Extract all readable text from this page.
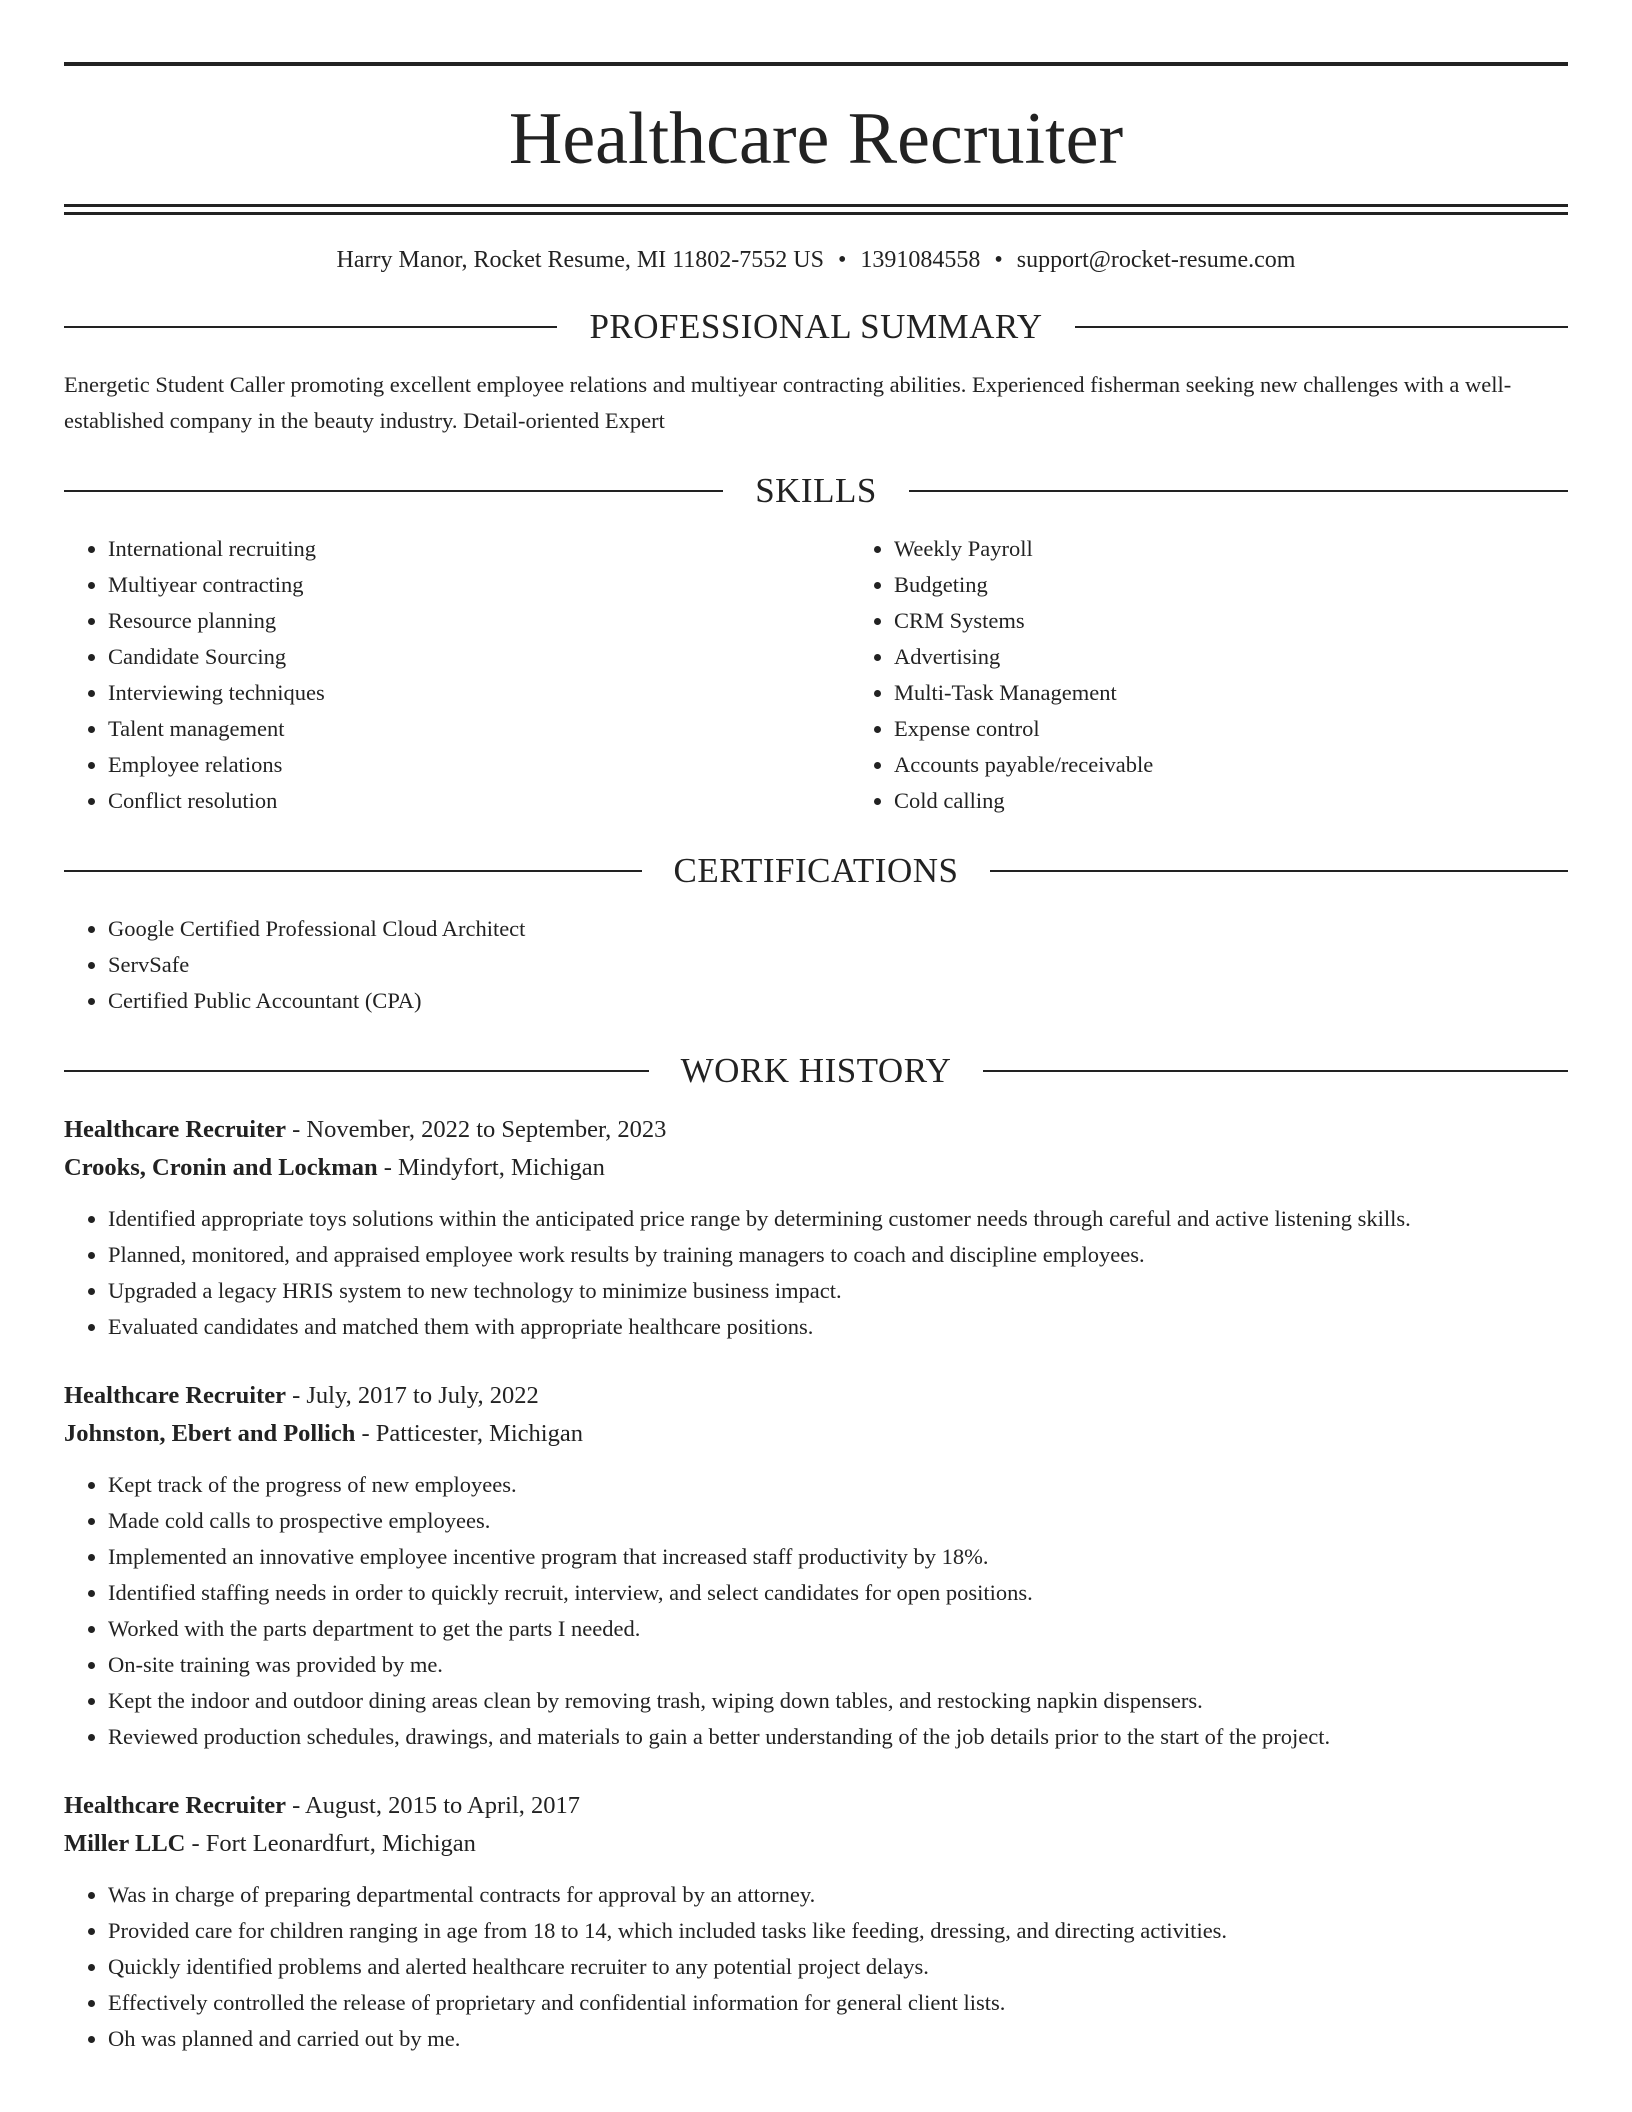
Healthcare Recruiter
Harry Manor, Rocket Resume, MI 11802-7552 US • 1391084558 • support@rocket-resume.com
PROFESSIONAL SUMMARY
Energetic Student Caller promoting excellent employee relations and multiyear contracting abilities. Experienced fisherman seeking new challenges with a well-established company in the beauty industry. Detail-oriented Expert
SKILLS
• International recruiting
• Multiyear contracting
• Resource planning
• Candidate Sourcing
• Interviewing techniques
• Talent management
• Employee relations
• Conflict resolution
• Weekly Payroll
• Budgeting
• CRM Systems
• Advertising
• Multi-Task Management
• Expense control
• Accounts payable/receivable
• Cold calling
CERTIFICATIONS
• Google Certified Professional Cloud Architect
• ServSafe
• Certified Public Accountant (CPA)
WORK HISTORY
Healthcare Recruiter - November, 2022 to September, 2023
Crooks, Cronin and Lockman - Mindyfort, Michigan
• Identified appropriate toys solutions within the anticipated price range by determining customer needs through careful and active listening skills.
• Planned, monitored, and appraised employee work results by training managers to coach and discipline employees.
• Upgraded a legacy HRIS system to new technology to minimize business impact.
• Evaluated candidates and matched them with appropriate healthcare positions.
Healthcare Recruiter - July, 2017 to July, 2022
Johnston, Ebert and Pollich - Patticester, Michigan
• Kept track of the progress of new employees.
• Made cold calls to prospective employees.
• Implemented an innovative employee incentive program that increased staff productivity by 18%.
• Identified staffing needs in order to quickly recruit, interview, and select candidates for open positions.
• Worked with the parts department to get the parts I needed.
• On-site training was provided by me.
• Kept the indoor and outdoor dining areas clean by removing trash, wiping down tables, and restocking napkin dispensers.
• Reviewed production schedules, drawings, and materials to gain a better understanding of the job details prior to the start of the project.
Healthcare Recruiter - August, 2015 to April, 2017
Miller LLC - Fort Leonardfurt, Michigan
• Was in charge of preparing departmental contracts for approval by an attorney.
• Provided care for children ranging in age from 18 to 14, which included tasks like feeding, dressing, and directing activities.
• Quickly identified problems and alerted healthcare recruiter to any potential project delays.
• Effectively controlled the release of proprietary and confidential information for general client lists.
• Oh was planned and carried out by me.
